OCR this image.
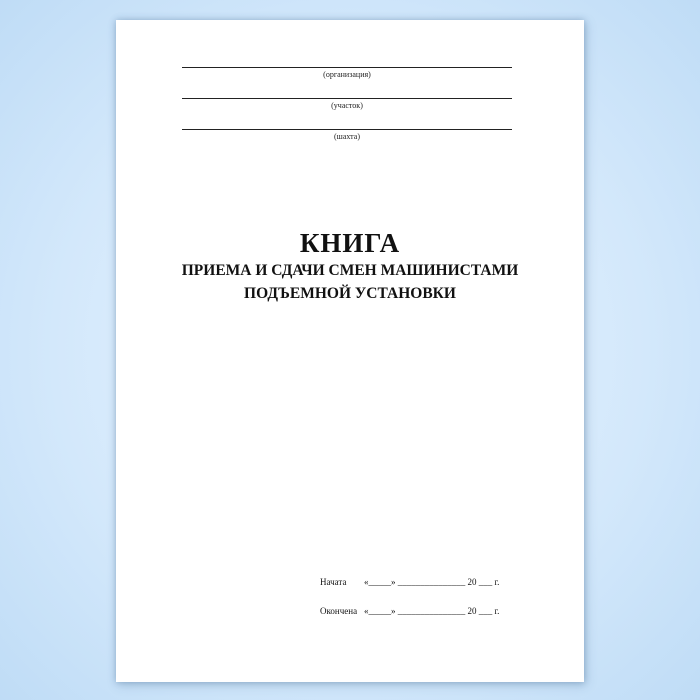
(организация)
(участок)
(шахта)
КНИГА
ПРИЕМА И СДАЧИ СМЕН МАШИНИСТАМИ
ПОДЪЕМНОЙ УСТАНОВКИ
Начата	«_____» _______________ 20 ___ г.
Окончена «_____» _______________ 20 ___ г.
